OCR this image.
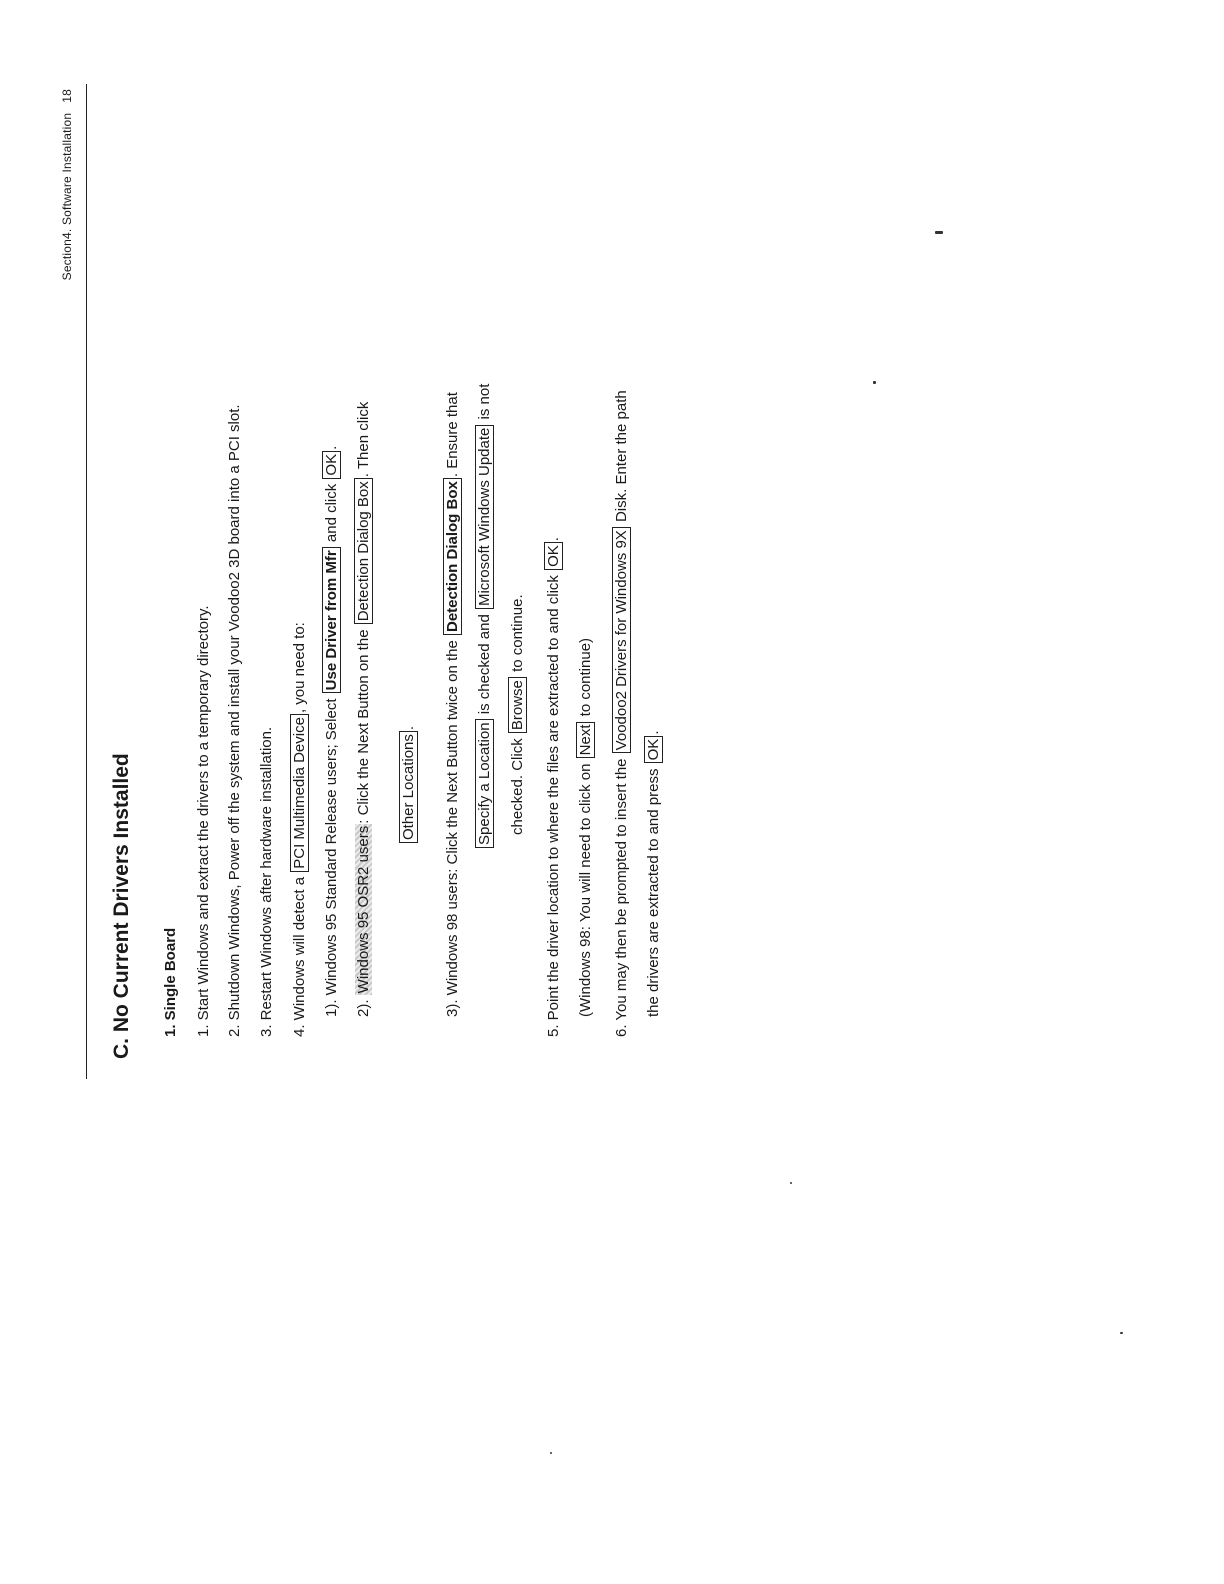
Section4. Software Installation18
C. No Current Drivers Installed 1. Single Board 1. Start Windows and extract the drivers to a temporary directory. 2. Shutdown Windows, Power off the system and install your Voodoo2 3D board into a PCI slot. 3. Restart Windows after hardware installation. 4. Windows will detect a PCI Multimedia Device, you need to:
1). Windows 95 Standard Release users; Select Use Driver from Mfr and click OK.
2). Windows 95 OSR2 users: Click the Next Button on the Detection Dialog Box. Then click
Other Locations. 3). Windows 98 users: Click the Next Button twice on the Detection Dialog Box. Ensure that
Specify a Location is checked and Microsoft Windows Update is not
checked. Click Browse to continue. 5. Point the driver location to where the files are extracted to and click OK.
(Windows 98: You will need to click on Next to continue)
6. You may then be prompted to insert the Voodoo2 Drivers for Windows 9X Disk. Enter the path
the drivers are extracted to and press OK.
